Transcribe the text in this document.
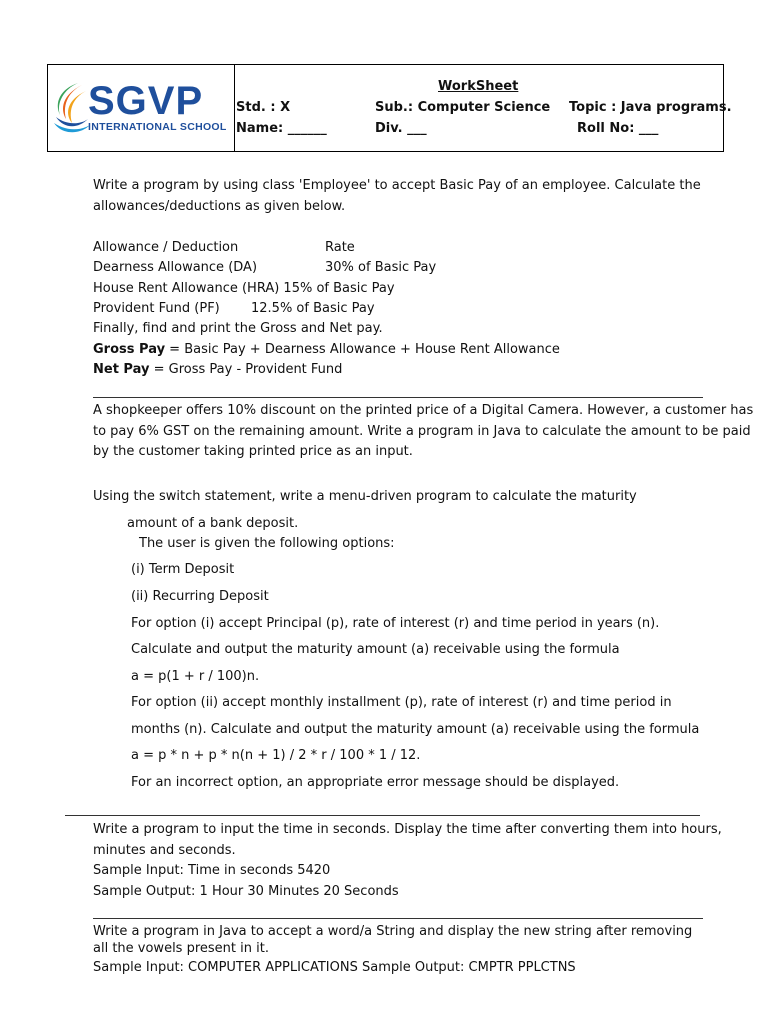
SGVP
INTERNATIONAL SCHOOL
WorkSheet
Std. : X	Sub.: Computer Science Topic : Java programs.
Name: ______	Div. ___	Roll No: ___
Write a program by using class 'Employee' to accept Basic Pay of an employee. Calculate the
allowances/deductions as given below.
Allowance / Deduction	Rate
Dearness Allowance (DA)	30% of Basic Pay
House Rent Allowance (HRA) 15% of Basic Pay
Provident Fund (PF) 12.5% of Basic Pay
Finally, find and print the Gross and Net pay.
Gross Pay = Basic Pay + Dearness Allowance + House Rent Allowance
Net Pay = Gross Pay - Provident Fund
A shopkeeper offers 10% discount on the printed price of a Digital Camera. However, a customer has
to pay 6% GST on the remaining amount. Write a program in Java to calculate the amount to be paid
by the customer taking printed price as an input.
Using the switch statement, write a menu-driven program to calculate the maturity
amount of a bank deposit.
The user is given the following options:
(i) Term Deposit
(ii) Recurring Deposit
For option (i) accept Principal (p), rate of interest (r) and time period in years (n).
Calculate and output the maturity amount (a) receivable using the formula
a = p(1 + r / 100)n.
For option (ii) accept monthly installment (p), rate of interest (r) and time period in
months (n). Calculate and output the maturity amount (a) receivable using the formula
a = p * n + p * n(n + 1) / 2 * r / 100 * 1 / 12.
For an incorrect option, an appropriate error message should be displayed.
Write a program to input the time in seconds. Display the time after converting them into hours,
minutes and seconds.
Sample Input: Time in seconds 5420
Sample Output: 1 Hour 30 Minutes 20 Seconds
Write a program in Java to accept a word/a String and display the new string after removing
all the vowels present in it.
Sample Input: COMPUTER APPLICATIONS Sample Output: CMPTR PPLCTNS
